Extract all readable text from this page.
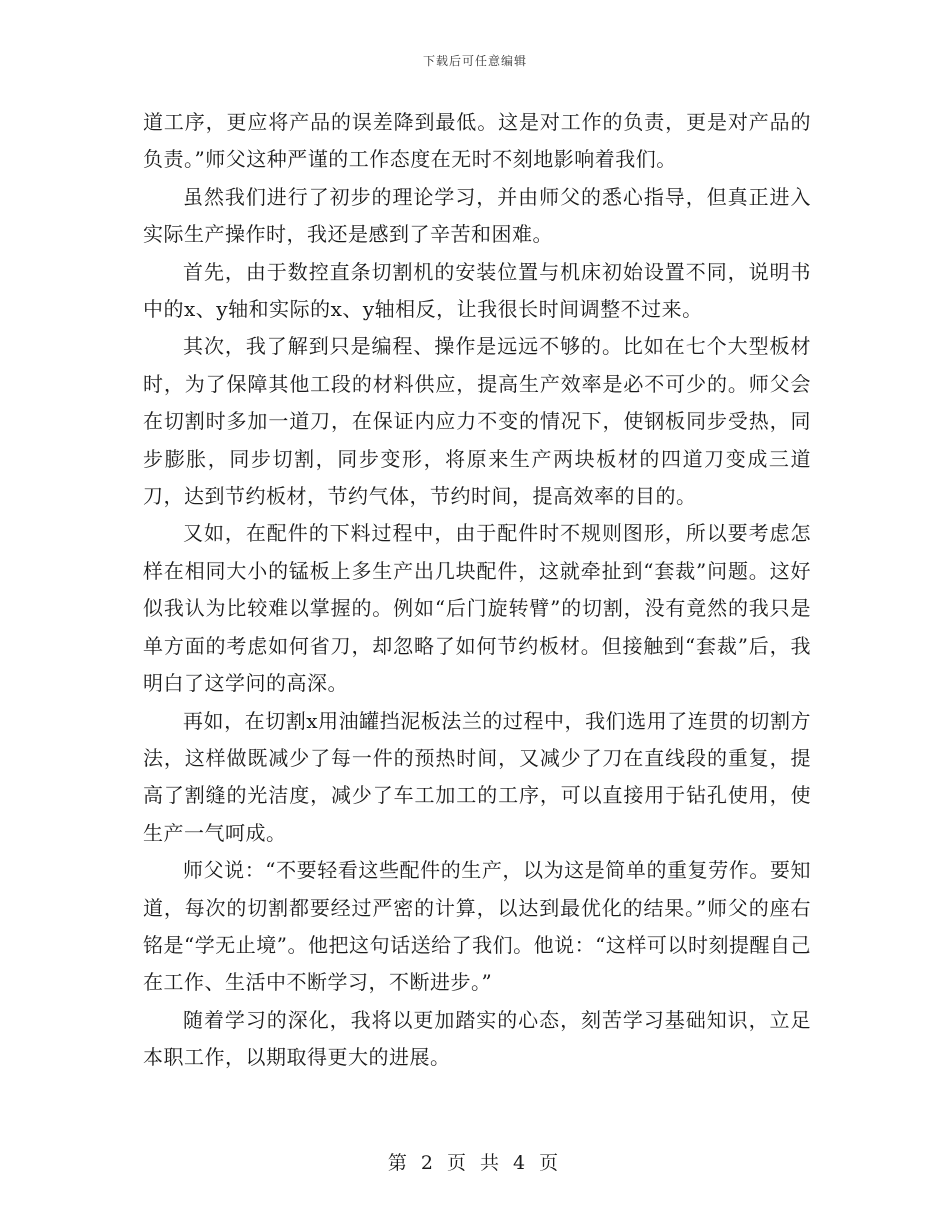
下载后可任意编辑

道工序，更应将产品的误差降到最低。这是对工作的负责，更是对产品的负责。”师父这种严谨的工作态度在无时不刻地影响着我们。

虽然我们进行了初步的理论学习，并由师父的悉心指导，但真正进入实际生产操作时，我还是感到了辛苦和困难。

首先，由于数控直条切割机的安装位置与机床初始设置不同，说明书中的x、y轴和实际的x、y轴相反，让我很长时间调整不过来。

其次，我了解到只是编程、操作是远远不够的。比如在七个大型板材时，为了保障其他工段的材料供应，提高生产效率是必不可少的。师父会在切割时多加一道刀，在保证内应力不变的情况下，使钢板同步受热，同步膨胀，同步切割，同步变形，将原来生产两块板材的四道刀变成三道刀，达到节约板材，节约气体，节约时间，提高效率的目的。

又如，在配件的下料过程中，由于配件时不规则图形，所以要考虑怎样在相同大小的锰板上多生产出几块配件，这就牵扯到“套裁”问题。这好似我认为比较难以掌握的。例如“后门旋转臂”的切割，没有竟然的我只是单方面的考虑如何省刀，却忽略了如何节约板材。但接触到“套裁”后，我明白了这学问的高深。

再如，在切割x用油罐挡泥板法兰的过程中，我们选用了连贯的切割方法，这样做既减少了每一件的预热时间，又减少了刀在直线段的重复，提高了割缝的光洁度，减少了车工加工的工序，可以直接用于钻孔使用，使生产一气呵成。

师父说：“不要轻看这些配件的生产，以为这是简单的重复劳作。要知道，每次的切割都要经过严密的计算，以达到最优化的结果。”师父的座右铭是“学无止境”。他把这句话送给了我们。他说：“这样可以时刻提醒自己在工作、生活中不断学习，不断进步。”

随着学习的深化，我将以更加踏实的心态，刻苦学习基础知识，立足本职工作，以期取得更大的进展。

第 2 页 共 4 页
